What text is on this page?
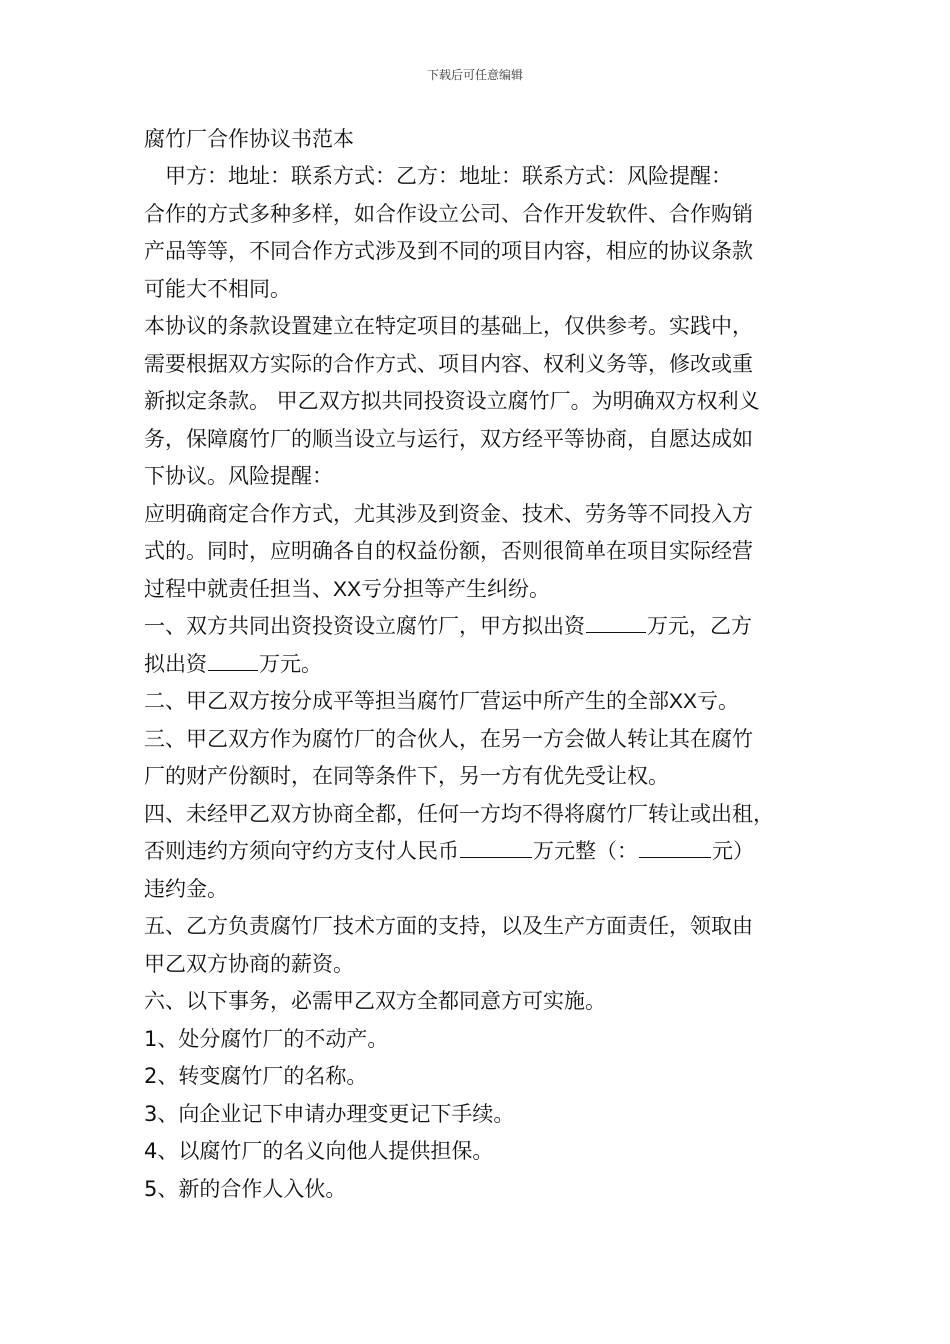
下载后可任意编辑
腐竹厂合作协议书范本
甲方：地址：联系方式：乙方：地址：联系方式：风险提醒：
合作的方式多种多样，如合作设立公司、合作开发软件、合作购销
产品等等，不同合作方式涉及到不同的项目内容，相应的协议条款
可能大不相同。
本协议的条款设置建立在特定项目的基础上，仅供参考。实践中，
需要根据双方实际的合作方式、项目内容、权利义务等，修改或重
新拟定条款。 甲乙双方拟共同投资设立腐竹厂。为明确双方权利义
务，保障腐竹厂的顺当设立与运行，双方经平等协商，自愿达成如
下协议。风险提醒：
应明确商定合作方式，尤其涉及到资金、技术、劳务等不同投入方
式的。同时，应明确各自的权益份额，否则很简单在项目实际经营
过程中就责任担当、XX亏分担等产生纠纷。
一、双方共同出资投资设立腐竹厂，甲方拟出资	万元，乙方
拟出资 万元。
二、甲乙双方按分成平等担当腐竹厂营运中所产生的全部XX亏。
三、甲乙双方作为腐竹厂的合伙人，在另一方会做人转让其在腐竹
厂的财产份额时，在同等条件下，另一方有优先受让权。
四、未经甲乙双方协商全都，任何一方均不得将腐竹厂转让或出租，
否则违约方须向守约方支付人民币	万元整（：	元）
违约金。
五、乙方负责腐竹厂技术方面的支持，以及生产方面责任，领取由
甲乙双方协商的薪资。
六、以下事务，必需甲乙双方全都同意方可实施。
1、处分腐竹厂的不动产。
2、转变腐竹厂的名称。
3、向企业记下申请办理变更记下手续。
4、以腐竹厂的名义向他人提供担保。
5、新的合作人入伙。
